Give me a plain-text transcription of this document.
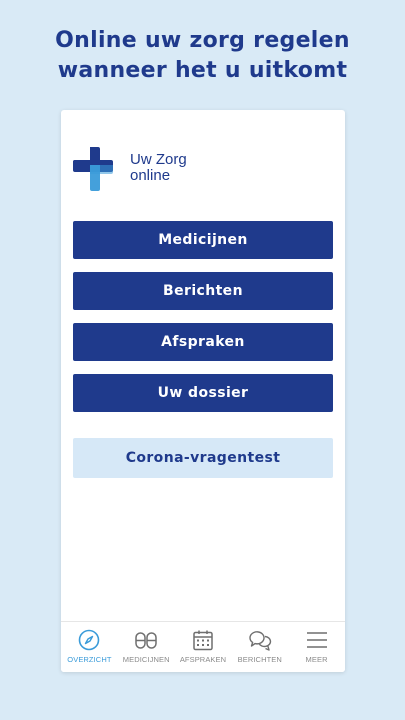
Online uw zorg regelen
wanneer het u uitkomt
Uw Zorg
online
Medicijnen
Berichten
Afspraken
Uw dossier
Corona-vragentest
OVERZICHT MEDICIJNEN AFSPRAKEN BERICHTEN	MEER
